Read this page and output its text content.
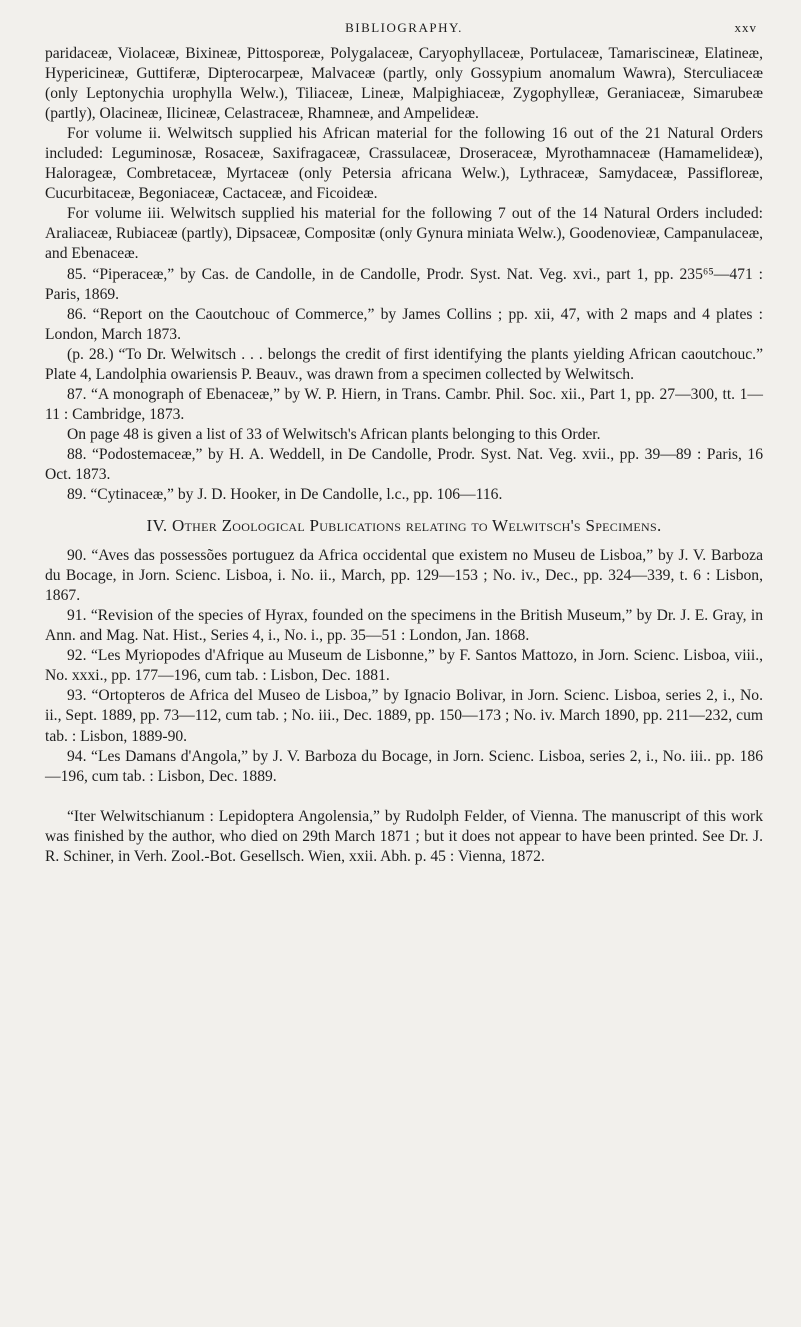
BIBLIOGRAPHY.	xxv

paridaceæ, Violaceæ, Bixineæ, Pittosporeæ, Polygalaceæ, Caryophyllaceæ, Portulaceæ, Tamariscineæ, Elatineæ, Hypericineæ, Guttiferæ, Dipterocarpeæ, Malvaceæ (partly, only Gossypium anomalum Wawra), Sterculiaceæ (only Leptonychia urophylla Welw.), Tiliaceæ, Lineæ, Malpighiaceæ, Zygophylleæ, Geraniaceæ, Simarubeæ (partly), Olacineæ, Ilicineæ, Celastraceæ, Rhamneæ, and Ampelideæ.

For volume ii. Welwitsch supplied his African material for the following 16 out of the 21 Natural Orders included: Leguminosæ, Rosaceæ, Saxifragaceæ, Crassulaceæ, Droseraceæ, Myrothamnaceæ (Hamamelideæ), Halorageæ, Combretaceæ, Myrtaceæ (only Petersia africana Welw.), Lythraceæ, Samydaceæ, Passifloreæ, Cucurbitaceæ, Begoniaceæ, Cactaceæ, and Ficoideæ.

For volume iii. Welwitsch supplied his material for the following 7 out of the 14 Natural Orders included: Araliaceæ, Rubiaceæ (partly), Dipsaceæ, Compositæ (only Gynura miniata Welw.), Goodenovieæ, Campanulaceæ, and Ebenaceæ.

85. “Piperaceæ,” by Cas. de Candolle, in de Candolle, Prodr. Syst. Nat. Veg. xvi., part 1, pp. 235⁶⁵—471 : Paris, 1869.

86. “Report on the Caoutchouc of Commerce,” by James Collins ; pp. xii, 47, with 2 maps and 4 plates : London, March 1873.

(p. 28.) “To Dr. Welwitsch . . . belongs the credit of first identifying the plants yielding African caoutchouc.” Plate 4, Landolphia owariensis P. Beauv., was drawn from a specimen collected by Welwitsch.

87. “A monograph of Ebenaceæ,” by W. P. Hiern, in Trans. Cambr. Phil. Soc. xii., Part 1, pp. 27—300, tt. 1—11 : Cambridge, 1873.

On page 48 is given a list of 33 of Welwitsch's African plants belonging to this Order.

88. “Podostemaceæ,” by H. A. Weddell, in De Candolle, Prodr. Syst. Nat. Veg. xvii., pp. 39—89 : Paris, 16 Oct. 1873.

89. “Cytinaceæ,” by J. D. Hooker, in De Candolle, l.c., pp. 106—116.

IV. Other Zoological Publications relating to Welwitsch's Specimens.

90. “Aves das possessões portuguez da Africa occidental que existem no Museu de Lisboa,” by J. V. Barboza du Bocage, in Jorn. Scienc. Lisboa, i. No. ii., March, pp. 129—153 ; No. iv., Dec., pp. 324—339, t. 6 : Lisbon, 1867.

91. “Revision of the species of Hyrax, founded on the specimens in the British Museum,” by Dr. J. E. Gray, in Ann. and Mag. Nat. Hist., Series 4, i., No. i., pp. 35—51 : London, Jan. 1868.

92. “Les Myriopodes d'Afrique au Museum de Lisbonne,” by F. Santos Mattozo, in Jorn. Scienc. Lisboa, viii., No. xxxi., pp. 177—196, cum tab. : Lisbon, Dec. 1881.

93. “Ortopteros de Africa del Museo de Lisboa,” by Ignacio Bolivar, in Jorn. Scienc. Lisboa, series 2, i., No. ii., Sept. 1889, pp. 73—112, cum tab. ; No. iii., Dec. 1889, pp. 150—173 ; No. iv. March 1890, pp. 211—232, cum tab. : Lisbon, 1889-90.

94. “Les Damans d'Angola,” by J. V. Barboza du Bocage, in Jorn. Scienc. Lisboa, series 2, i., No. iii.. pp. 186—196, cum tab. : Lisbon, Dec. 1889.

“Iter Welwitschianum : Lepidoptera Angolensia,” by Rudolph Felder, of Vienna. The manuscript of this work was finished by the author, who died on 29th March 1871 ; but it does not appear to have been printed. See Dr. J. R. Schiner, in Verh. Zool.-Bot. Gesellsch. Wien, xxii. Abh. p. 45 : Vienna, 1872.
